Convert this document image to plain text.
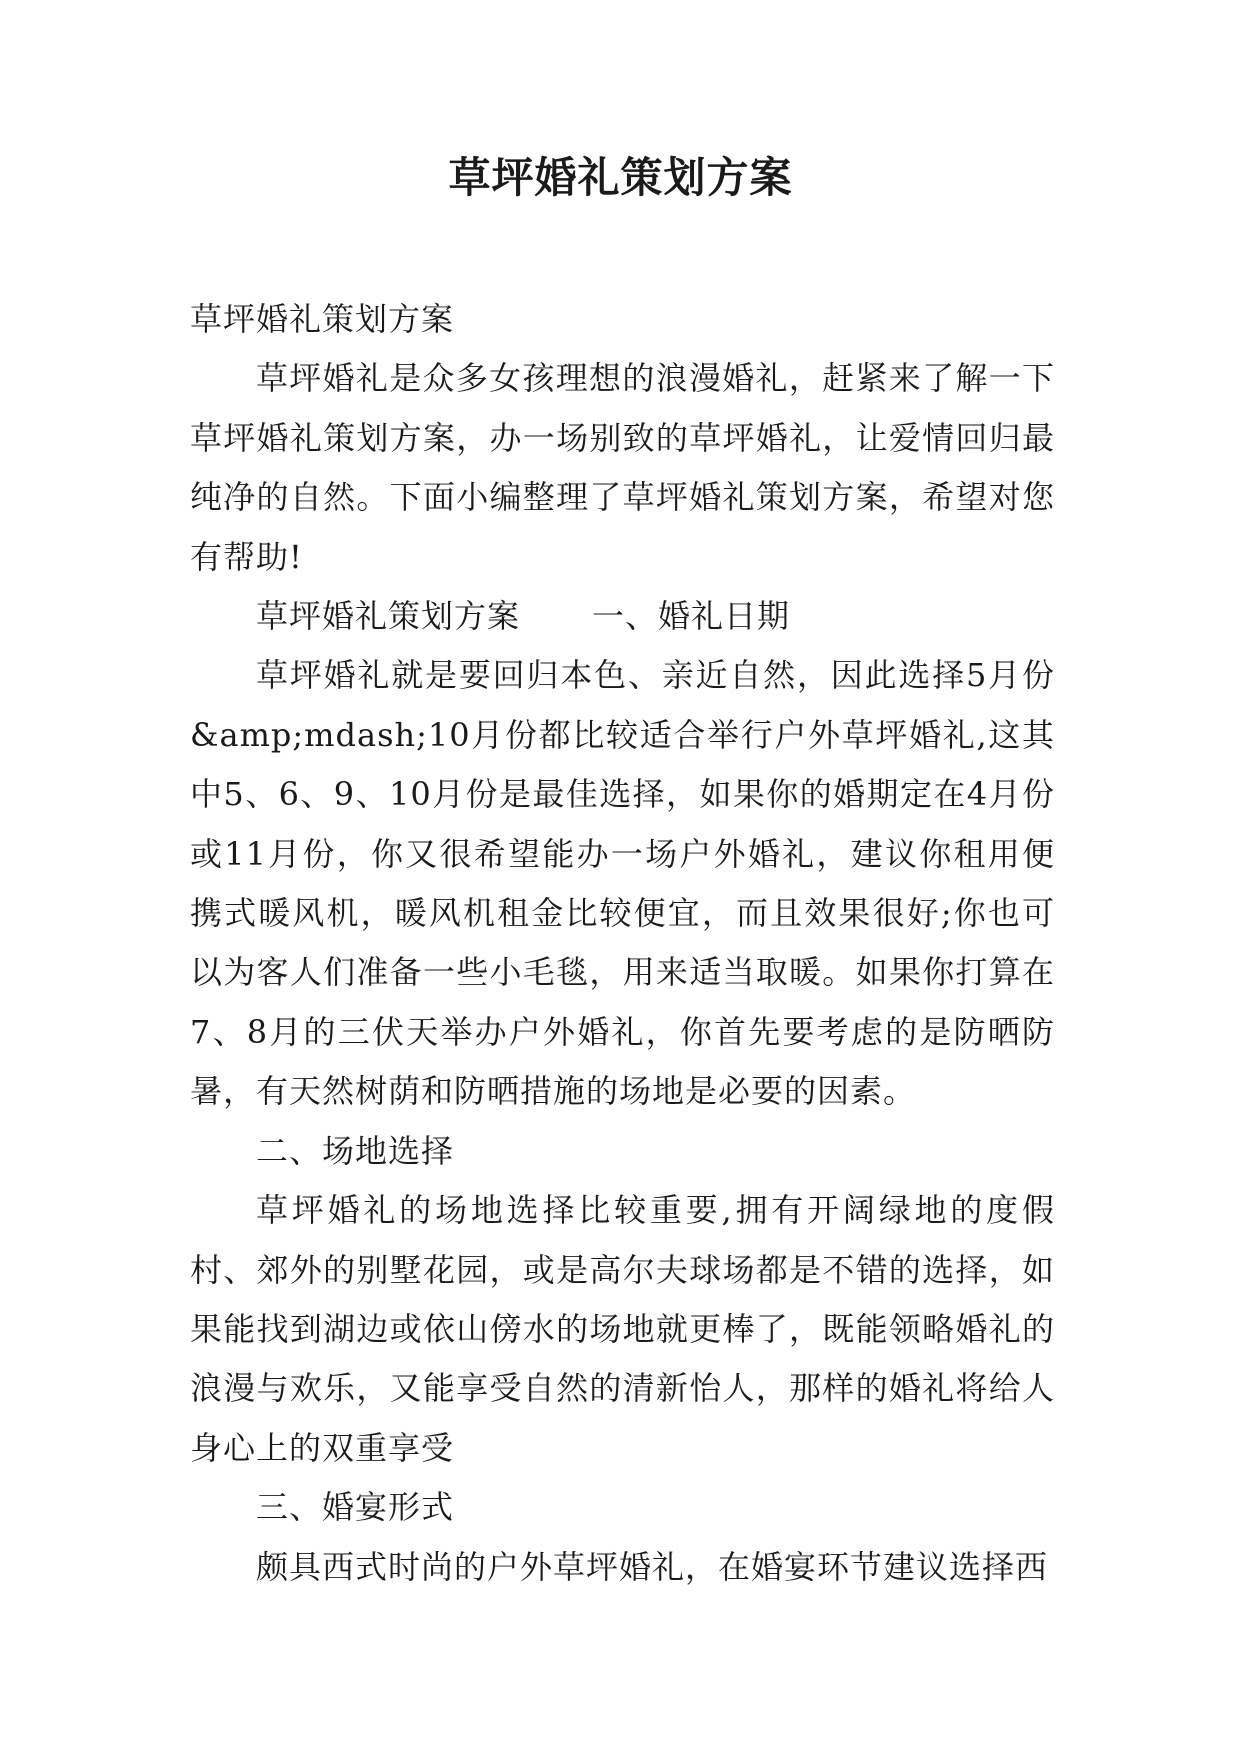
草坪婚礼策划方案

草坪婚礼策划方案

草坪婚礼是众多女孩理想的浪漫婚礼，赶紧来了解一下草坪婚礼策划方案，办一场别致的草坪婚礼，让爱情回归最纯净的自然。下面小编整理了草坪婚礼策划方案，希望对您有帮助!

草坪婚礼策划方案 一、婚礼日期

草坪婚礼就是要回归本色、亲近自然，因此选择5月份&amp;mdash;10月份都比较适合举行户外草坪婚礼,这其中5、6、9、10月份是最佳选择，如果你的婚期定在4月份或11月份，你又很希望能办一场户外婚礼，建议你租用便携式暖风机，暖风机租金比较便宜，而且效果很好;你也可以为客人们准备一些小毛毯，用来适当取暖。如果你打算在7、8月的三伏天举办户外婚礼，你首先要考虑的是防晒防暑，有天然树荫和防晒措施的场地是必要的因素。

二、场地选择

草坪婚礼的场地选择比较重要,拥有开阔绿地的度假村、郊外的别墅花园，或是高尔夫球场都是不错的选择，如果能找到湖边或依山傍水的场地就更棒了，既能领略婚礼的浪漫与欢乐，又能享受自然的清新怡人，那样的婚礼将给人身心上的双重享受

三、婚宴形式

颇具西式时尚的户外草坪婚礼，在婚宴环节建议选择西
